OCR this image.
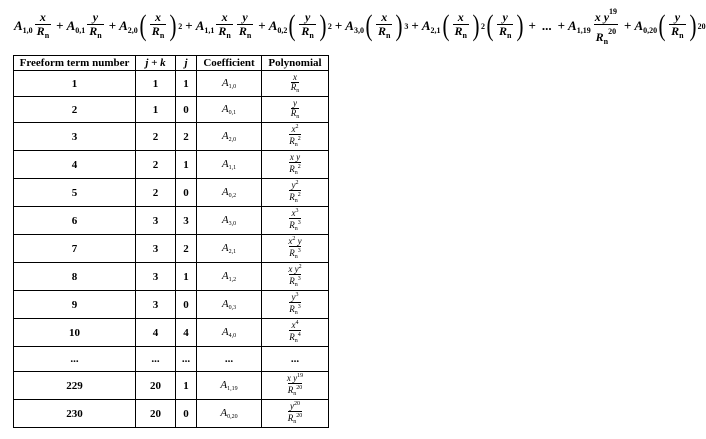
$A_{1,0} \frac{x}{R_n} + A_{0,1} \frac{y}{R_n} + A_{2,0}$ ( $\frac{x}{R_n}$ ) $2 + A_{1,1} \frac{x}{R_n} \frac{y}{R_n} + A_{0,2}$ ( $\frac{y}{R_n}$ ) $2 + A_{3,0}$ ( $\frac{x}{R_n}$ ) $3 + A_{2,1}$ ( $\frac{x}{R_n}$ ) 2 ( $\frac{y}{R_n}$ ) + ... + $A_{1,19} \frac{x y^{19}}{R_n^{20}} + A_{0,20}$ ( $\frac{y}{R_n}$ ) 20
Freeform term number	j + k	j	Coefficient	Polynomial
1	1	1	A1,0	$\frac{x}{R_n}$

2	1	0	A0,1	$\frac{y}{R_n}$

3	2	2	A2,0	$\frac{x^2}{R_n^2}$

4	2	1	A1,1	$\frac{\text{x y}}{R_n^2}$

5	2	0	A0,2	$\frac{y^2}{R_n^2}$

6	3	3	A3,0	$\frac{x^3}{R_n^3}$

7	3	2	A2,1	$\frac{x^2 y}{R_n^3}$

8	3	1	A1,2	$\frac{x y^2}{R_n^3}$

9	3	0	A0,3	$\frac{y^3}{R_n^3}$

10	4	4	A4,0	$\frac{x^4}{R_n^4}$

...	...	...	...	...
229	20	1	A1,19	$\frac{x y^{19}}{R_n^{20}}$

230	20	0	A0,20	$\frac{y^{20}}{R_n^{20}}$
